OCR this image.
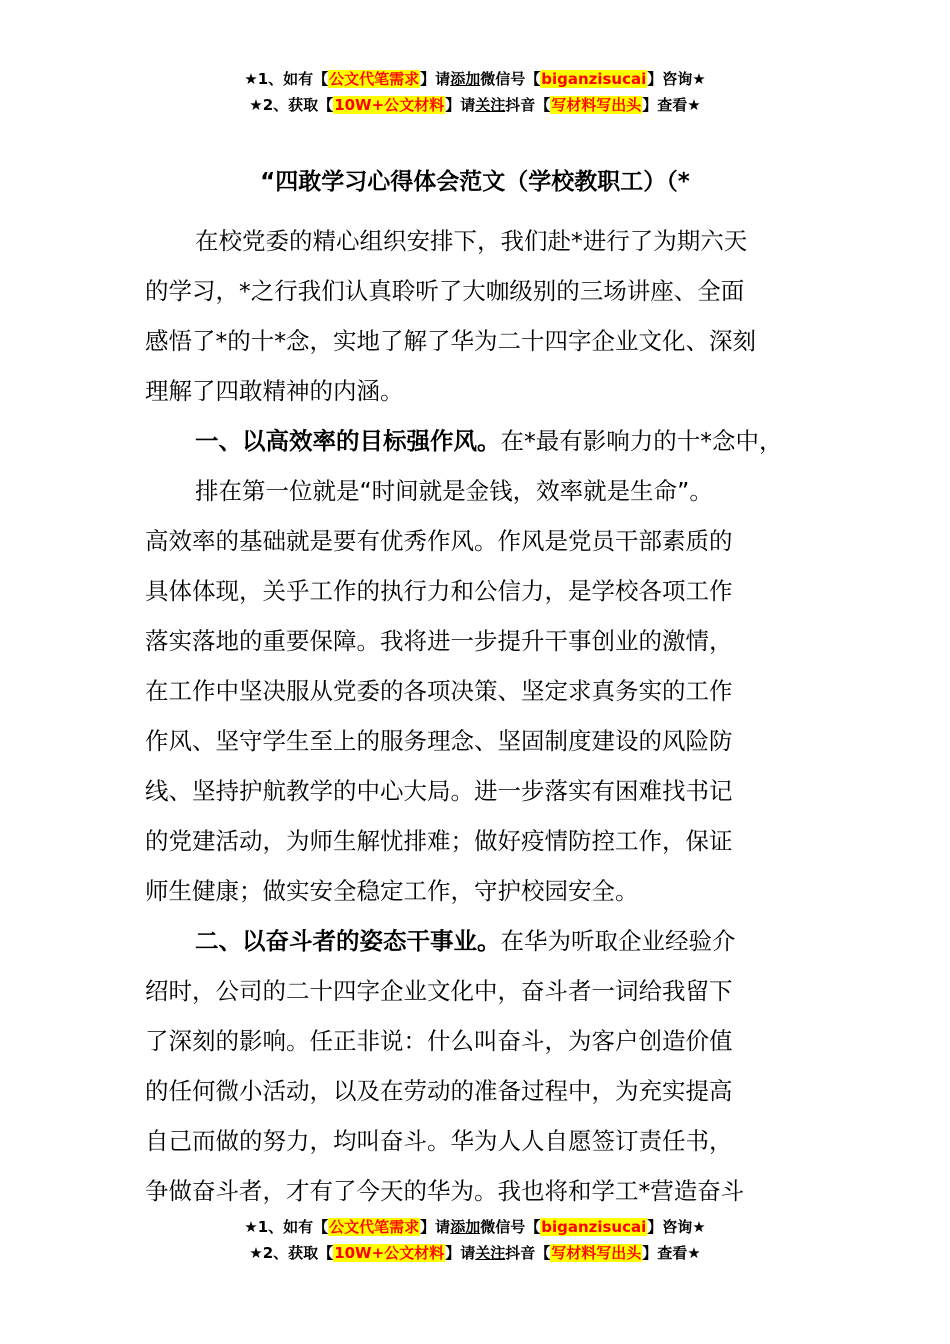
★1、如有【公文代笔需求】请添加微信号【biganzisucai】咨询★
★2、获取【10W+公文材料】请关注抖音【写材料写出头】查看★
“四敢学习心得体会范文（学校教职工）（*

在校党委的精心组织安排下，我们赴*进行了为期六天

的学习，*之行我们认真聆听了大咖级别的三场讲座、全面

感悟了*的十*念，实地了解了华为二十四字企业文化、深刻

理解了四敢精神的内涵。

一、以高效率的目标强作风。在*最有影响力的十*念中，

排在第一位就是“时间就是金钱，效率就是生命”。

高效率的基础就是要有优秀作风。作风是党员干部素质的

具体体现，关乎工作的执行力和公信力，是学校各项工作

落实落地的重要保障。我将进一步提升干事创业的激情，

在工作中坚决服从党委的各项决策、坚定求真务实的工作

作风、坚守学生至上的服务理念、坚固制度建设的风险防

线、坚持护航教学的中心大局。进一步落实有困难找书记

的党建活动，为师生解忧排难；做好疫情防控工作，保证

师生健康；做实安全稳定工作，守护校园安全。

二、以奋斗者的姿态干事业。在华为听取企业经验介

绍时，公司的二十四字企业文化中，奋斗者一词给我留下

了深刻的影响。任正非说：什么叫奋斗，为客户创造价值

的任何微小活动，以及在劳动的准备过程中，为充实提高

自己而做的努力，均叫奋斗。华为人人自愿签订责任书，

争做奋斗者，才有了今天的华为。我也将和学工*营造奋斗

★1、如有【公文代笔需求】请添加微信号【biganzisucai】咨询★
★2、获取【10W+公文材料】请关注抖音【写材料写出头】查看★
